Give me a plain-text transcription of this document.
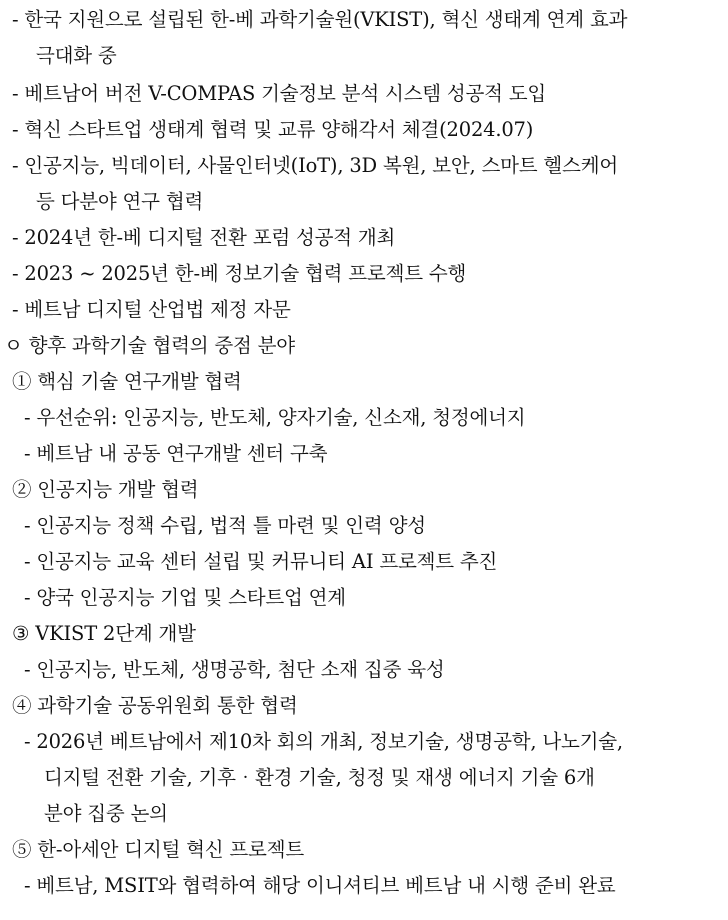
- 한국 지원으로 설립된 한-베 과학기술원(VKIST), 혁신 생태계 연계 효과
극대화 중
- 베트남어 버전 V-COMPAS 기술정보 분석 시스템 성공적 도입
- 혁신 스타트업 생태계 협력 및 교류 양해각서 체결(2024.07)
- 인공지능, 빅데이터, 사물인터넷(IoT), 3D 복원, 보안, 스마트 헬스케어
등 다분야 연구 협력
- 2024년 한-베 디지털 전환 포럼 성공적 개최
- 2023 ~ 2025년 한-베 정보기술 협력 프로젝트 수행
- 베트남 디지털 산업법 제정 자문
ㅇ 향후 과학기술 협력의 중점 분야
① 핵심 기술 연구개발 협력
- 우선순위: 인공지능, 반도체, 양자기술, 신소재, 청정에너지
- 베트남 내 공동 연구개발 센터 구축
② 인공지능 개발 협력
- 인공지능 정책 수립, 법적 틀 마련 및 인력 양성
- 인공지능 교육 센터 설립 및 커뮤니티 AI 프로젝트 추진
- 양국 인공지능 기업 및 스타트업 연계
③ VKIST 2단계 개발
- 인공지능, 반도체, 생명공학, 첨단 소재 집중 육성
④ 과학기술 공동위원회 통한 협력
- 2026년 베트남에서 제10차 회의 개최, 정보기술, 생명공학, 나노기술,
디지털 전환 기술, 기후‧환경 기술, 청정 및 재생 에너지 기술 6개
분야 집중 논의
⑤ 한-아세안 디지털 혁신 프로젝트
- 베트남, MSIT와 협력하여 해당 이니셔티브 베트남 내 시행 준비 완료
